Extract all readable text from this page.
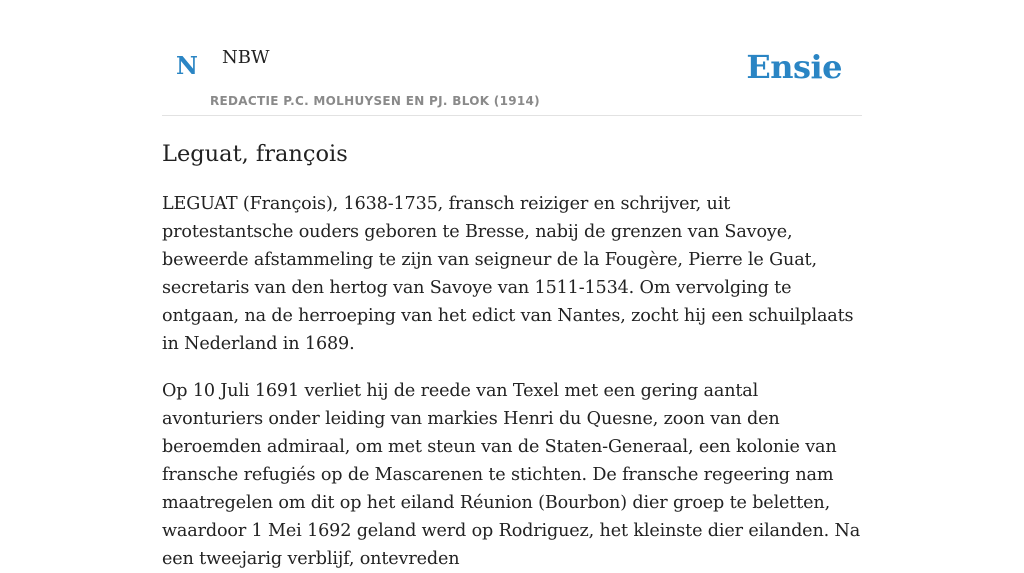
N NBW
REDACTIE P.C. MOLHUYSEN EN PJ. BLOK (1914)
Ensie
Leguat, françois

LEGUAT (François), 1638-1735, fransch reiziger en schrijver, uit protestantsche ouders geboren te Bresse, nabij de grenzen van Savoye, beweerde afstammeling te zijn van seigneur de la Fougère, Pierre le Guat, secretaris van den hertog van Savoye van 1511-1534. Om vervolging te ontgaan, na de herroeping van het edict van Nantes, zocht hij een schuilplaats in Nederland in 1689.

Op 10 Juli 1691 verliet hij de reede van Texel met een gering aantal avonturiers onder leiding van markies Henri du Quesne, zoon van den beroemden admiraal, om met steun van de Staten-Generaal, een kolonie van fransche refugiés op de Mascarenen te stichten. De fransche regeering nam maatregelen om dit op het eiland Réunion (Bourbon) dier groep te beletten, waardoor 1 Mei 1692 geland werd op Rodriguez, het kleinste dier eilanden. Na een tweejarig verblijf, ontevreden
